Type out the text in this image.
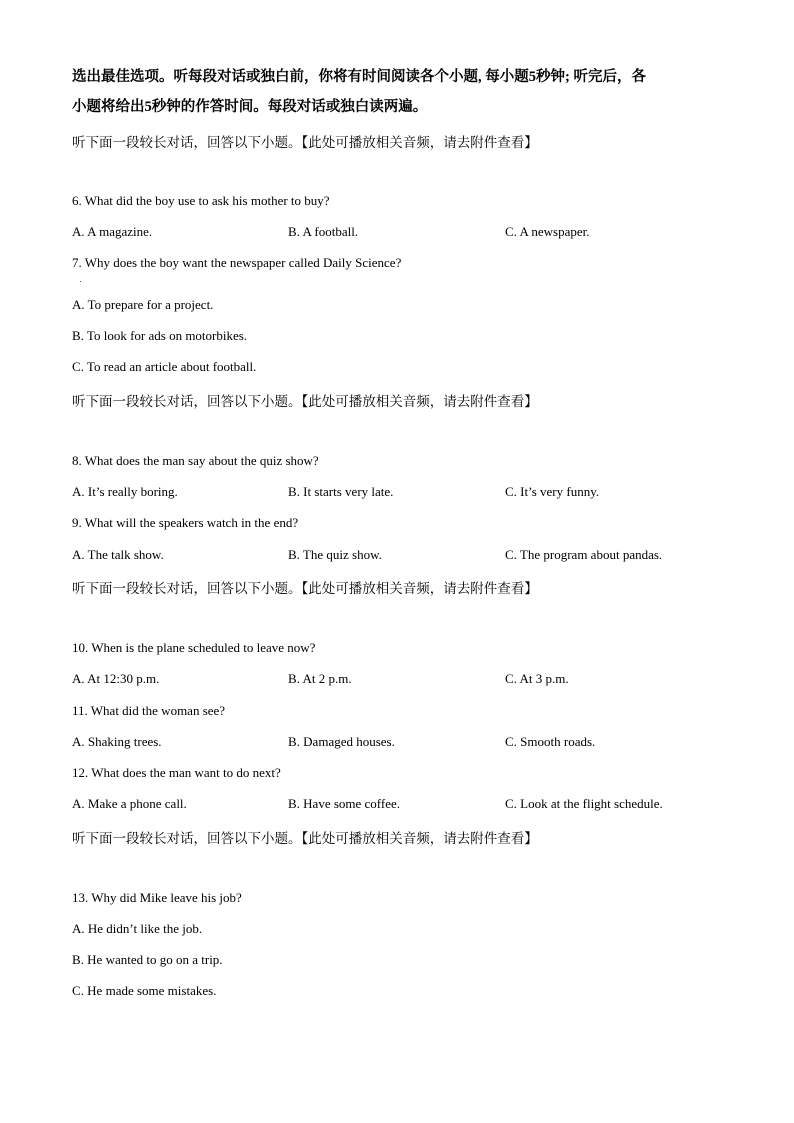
选出最佳选项。听每段对话或独白前，你将有时间阅读各个小题, 每小题5秒钟; 听完后，各
小题将给出5秒钟的作答时间。每段对话或独白读两遍。

听下面一段较长对话，回答以下小题。【此处可播放相关音频，请去附件查看】

6. What did the boy use to ask his mother to buy?

A. A magazine.	B. A football.	C. A newspaper.

7. Why does the boy want the newspaper called Daily Science?

A. To prepare for a project.

B. To look for ads on motorbikes.

C. To read an article about football.

听下面一段较长对话，回答以下小题。【此处可播放相关音频，请去附件查看】

8. What does the man say about the quiz show?

A. It’s really boring.	B. It starts very late.	C. It’s very funny.

9. What will the speakers watch in the end?

A. The talk show.	B. The quiz show.	C. The program about pandas.

听下面一段较长对话，回答以下小题。【此处可播放相关音频，请去附件查看】

10. When is the plane scheduled to leave now?

A. At 12:30 p.m.	B. At 2 p.m.	C. At 3 p.m.

11. What did the woman see?

A. Shaking trees.	B. Damaged houses.	C. Smooth roads.

12. What does the man want to do next?

A. Make a phone call.	B. Have some coffee.	C. Look at the flight schedule.

听下面一段较长对话，回答以下小题。【此处可播放相关音频，请去附件查看】

13. Why did Mike leave his job?

A. He didn’t like the job.

B. He wanted to go on a trip.

C. He made some mistakes.
